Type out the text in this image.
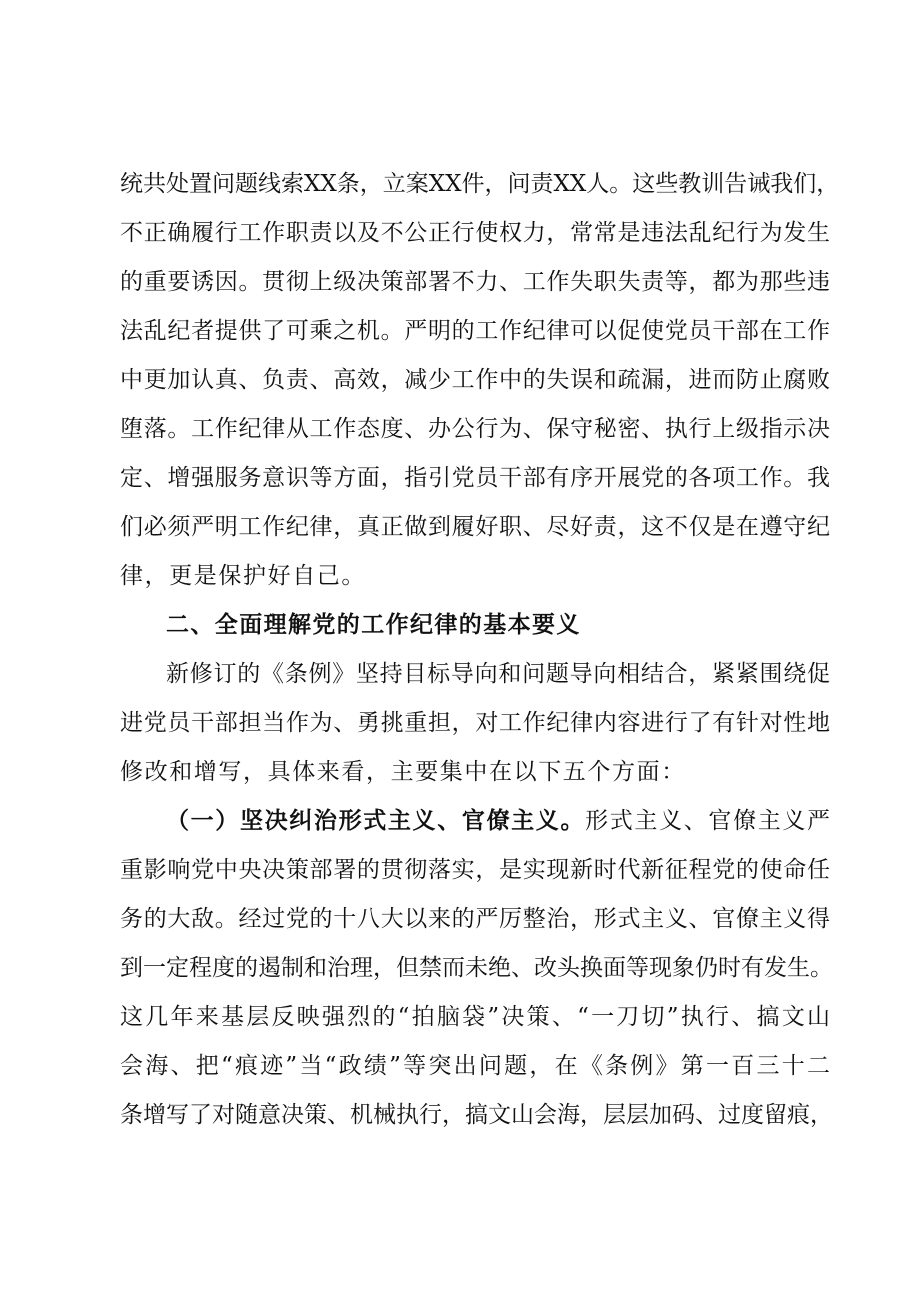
统共处置问题线索XX条，立案XX件，问责XX人。这些教训告诫我们，
不正确履行工作职责以及不公正行使权力，常常是违法乱纪行为发生
的重要诱因。贯彻上级决策部署不力、工作失职失责等，都为那些违
法乱纪者提供了可乘之机。严明的工作纪律可以促使党员干部在工作
中更加认真、负责、高效，减少工作中的失误和疏漏，进而防止腐败
堕落。工作纪律从工作态度、办公行为、保守秘密、执行上级指示决
定、增强服务意识等方面，指引党员干部有序开展党的各项工作。我
们必须严明工作纪律，真正做到履好职、尽好责，这不仅是在遵守纪
律，更是保护好自己。
二、全面理解党的工作纪律的基本要义
新修订的《条例》坚持目标导向和问题导向相结合，紧紧围绕促
进党员干部担当作为、勇挑重担，对工作纪律内容进行了有针对性地
修改和增写，具体来看，主要集中在以下五个方面：
（一）坚决纠治形式主义、官僚主义。形式主义、官僚主义严
重影响党中央决策部署的贯彻落实，是实现新时代新征程党的使命任
务的大敌。经过党的十八大以来的严厉整治，形式主义、官僚主义得
到一定程度的遏制和治理，但禁而未绝、改头换面等现象仍时有发生。
这几年来基层反映强烈的“拍脑袋”决策、“一刀切”执行、搞文山
会海、把“痕迹”当“政绩”等突出问题，在《条例》第一百三十二
条增写了对随意决策、机械执行，搞文山会海，层层加码、过度留痕，
